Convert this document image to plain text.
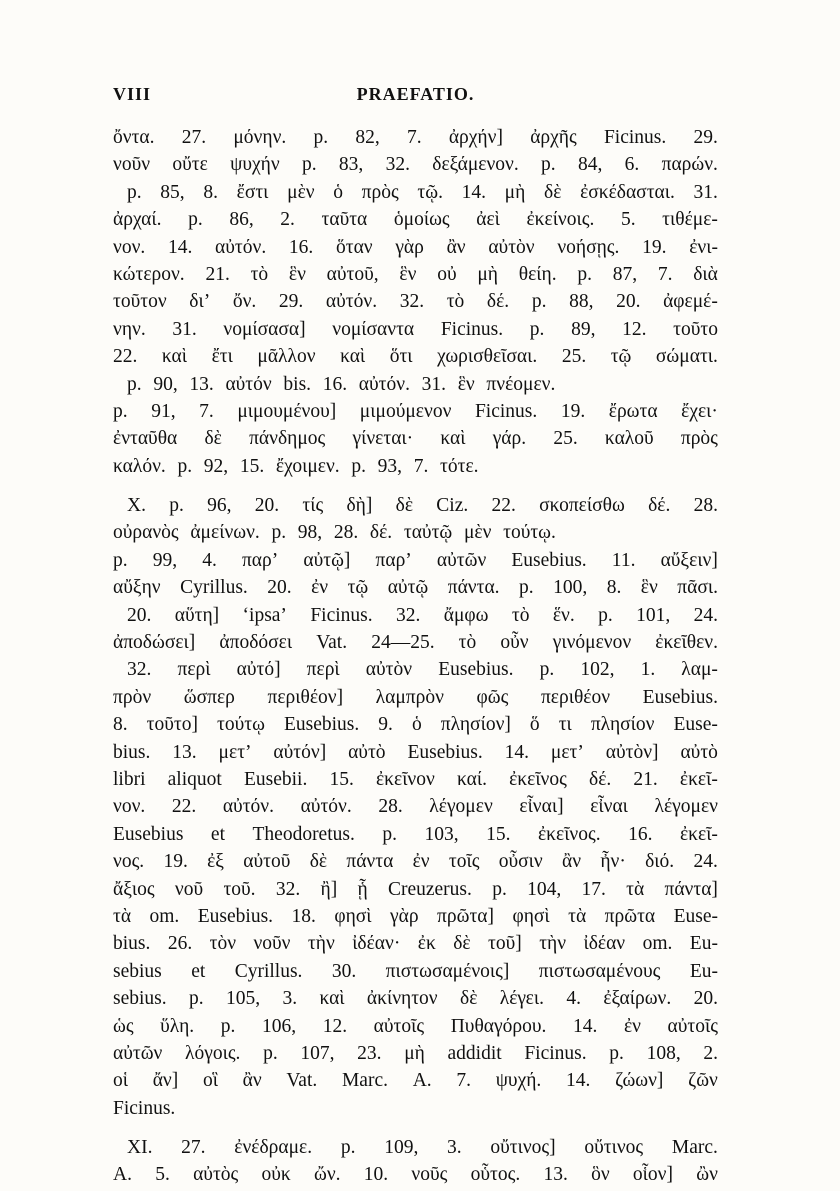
VIII	PRAEFATIO.
ὄντα. 27. μόνην. p. 82, 7. ἀρχήν] ἀρχῆς Ficinus. 29.
νοῦν οὔτε ψυχήν p. 83, 32. δεξάμενον. p. 84, 6. παρών.
p. 85, 8. ἔστι μὲν ὁ πρὸς τῷ. 14. μὴ δὲ ἐσκέδασται. 31.
ἀρχαί. p. 86, 2. ταῦτα ὁμοίως ἀεὶ ἐκείνοις. 5. τιθέμε-
νον. 14. αὐτόν. 16. ὅταν γὰρ ἂν αὐτὸν νοήσῃς. 19. ἐνι-
κώτερον. 21. τὸ ἓν αὐτοῦ, ἓν οὐ μὴ θείη. p. 87, 7. διὰ
τοῦτον δι’ ὄν. 29. αὐτόν. 32. τὸ δέ. p. 88, 20. ἀφεμέ-
νην. 31. νομίσασα] νομίσαντα Ficinus. p. 89, 12. τοῦτο
22. καὶ ἔτι μᾶλλον καὶ ὅτι χωρισθεῖσαι. 25. τῷ σώματι.
p. 90, 13. αὐτόν bis. 16. αὐτόν. 31. ἓν πνέομεν.
p. 91, 7. μιμουμένου] μιμούμενον Ficinus. 19. ἔρωτα ἔχει·
ἐνταῦθα δὲ πάνδημος γίνεται· καὶ γάρ. 25. καλοῦ πρὸς
καλόν. p. 92, 15. ἔχοιμεν. p. 93, 7. τότε.
X. p. 96, 20. τίς δὴ] δὲ Ciz. 22. σκοπείσθω δέ. 28.
οὐρανὸς ἀμείνων. p. 98, 28. δέ. ταὐτῷ μὲν τούτῳ.
p. 99, 4. παρ’ αὐτῷ] παρ’ αὐτῶν Eusebius. 11. αὔξειν]
αὔξην Cyrillus. 20. ἐν τῷ αὐτῷ πάντα. p. 100, 8. ἓν πᾶσι.
20. αὕτη] ‘ipsa’ Ficinus. 32. ἄμφω τὸ ἕν. p. 101, 24.
ἀποδώσει] ἀποδόσει Vat. 24—25. τὸ οὖν γινόμενον ἐκεῖθεν.
32. περὶ αὐτό] περὶ αὐτὸν Eusebius. p. 102, 1. λαμ-
πρὸν ὥσπερ περιθέον] λαμπρὸν φῶς περιθέον Eusebius.
8. τοῦτο] τούτῳ Eusebius. 9. ὁ πλησίον] ὅ τι πλησίον Euse-
bius. 13. μετ’ αὐτόν] αὐτὸ Eusebius. 14. μετ’ αὐτὸν] αὐτὸ
libri aliquot Eusebii. 15. ἐκεῖνον καί. ἐκεῖνος δέ. 21. ἐκεῖ-
νον. 22. αὐτόν. αὐτόν. 28. λέγομεν εἶναι] εἶναι λέγομεν
Eusebius et Theodoretus. p. 103, 15. ἐκεῖνος. 16. ἐκεῖ-
νος. 19. ἐξ αὐτοῦ δὲ πάντα ἐν τοῖς οὖσιν ἂν ἦν· διό. 24.
ἄξιος νοῦ τοῦ. 32. ἢ] ᾗ Creuzerus. p. 104, 17. τὰ πάντα]
τὰ om. Eusebius. 18. φησὶ γὰρ πρῶτα] φησὶ τὰ πρῶτα Euse-
bius. 26. τὸν νοῦν τὴν ἰδέαν· ἐκ δὲ τοῦ] τὴν ἰδέαν om. Eu-
sebius et Cyrillus. 30. πιστωσαμένοις] πιστωσαμένους Eu-
sebius. p. 105, 3. καὶ ἀκίνητον δὲ λέγει. 4. ἐξαίρων. 20.
ὡς ὕλη. p. 106, 12. αὐτοῖς Πυθαγόρου. 14. ἐν αὐτοῖς
αὐτῶν λόγοις. p. 107, 23. μὴ addidit Ficinus. p. 108, 2.
οἱ ἄν] οἳ ἂν Vat. Marc. A. 7. ψυχή. 14. ζώων] ζῶν
Ficinus.
XI. 27. ἐνέδραμε. p. 109, 3. οὔτινος] οὔτινος Marc.
A. 5. αὐτὸς οὐκ ὤν. 10. νοῦς οὗτος. 13. ὃν οἷον] ὢν
